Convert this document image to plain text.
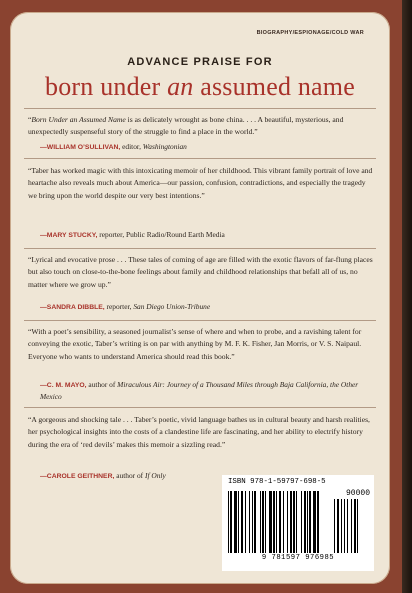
BIOGRAPHY/ESPIONAGE/COLD WAR
ADVANCE PRAISE FOR
born under an assumed name
“Born Under an Assumed Name is as delicately wrought as bone china. . . . A beautiful, mysterious, and unexpectedly suspenseful story of the struggle to find a place in the world.”
—WILLIAM O’SULLIVAN, editor, Washingtonian
“Taber has worked magic with this intoxicating memoir of her childhood. This vibrant family portrait of love and heartache also reveals much about America—our passion, confusion, contradictions, and especially the tragedy we bring upon the world despite our very best intentions.”
—MARY STUCKY, reporter, Public Radio/Round Earth Media
“Lyrical and evocative prose . . . These tales of coming of age are filled with the exotic flavors of far-flung places but also touch on close-to-the-bone feelings about family and childhood relationships that befall all of us, no matter where we grow up.”
—SANDRA DIBBLE, reporter, San Diego Union-Tribune
“With a poet’s sensibility, a seasoned journalist’s sense of where and when to probe, and a ravishing talent for conveying the exotic, Taber’s writing is on par with anything by M. F. K. Fisher, Jan Morris, or V. S. Naipaul. Everyone who wants to understand America should read this book.”
—C. M. MAYO, author of Miraculous Air: Journey of a Thousand Miles through Baja California, the Other Mexico
“A gorgeous and shocking tale . . . Taber’s poetic, vivid language bathes us in cultural beauty and harsh realities, her psychological insights into the costs of a clandestine life are fascinating, and her ability to electrify history during the era of ‘red devils’ makes this memoir a sizzling read.”
—CAROLE GEITHNER, author of If Only
ISBN 978-1-59797-698-5
9 781597 976985
90000
